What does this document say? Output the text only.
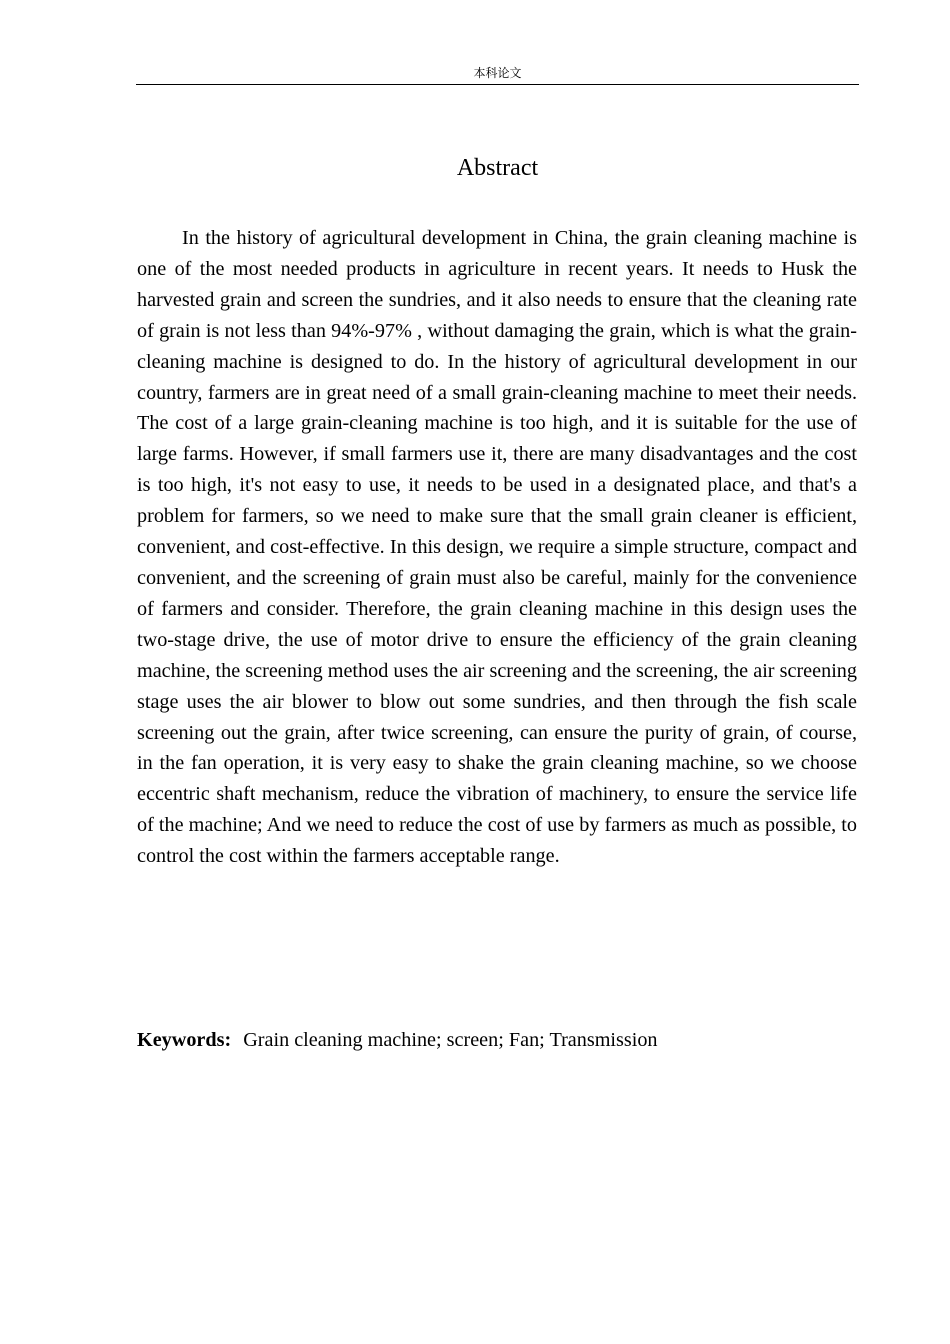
本科论文
Abstract

In the history of agricultural development in China, the grain cleaning machine is one of the most needed products in agriculture in recent years. It needs to Husk the harvested grain and screen the sundries, and it also needs to ensure that the cleaning rate of grain is not less than 94%-97% , without damaging the grain, which is what the grain-cleaning machine is designed to do. In the history of agricultural development in our country, farmers are in great need of a small grain-cleaning machine to meet their needs. The cost of a large grain-cleaning machine is too high, and it is suitable for the use of large farms. However, if small farmers use it, there are many disadvantages and the cost is too high, it's not easy to use, it needs to be used in a designated place, and that's a problem for farmers, so we need to make sure that the small grain cleaner is efficient, convenient, and cost-effective. In this design, we require a simple structure, compact and convenient, and the screening of grain must also be careful, mainly for the convenience of farmers and consider. Therefore, the grain cleaning machine in this design uses the two-stage drive, the use of motor drive to ensure the efficiency of the grain cleaning machine, the screening method uses the air screening and the screening, the air screening stage uses the air blower to blow out some sundries, and then through the fish scale screening out the grain, after twice screening, can ensure the purity of grain, of course, in the fan operation, it is very easy to shake the grain cleaning machine, so we choose eccentric shaft mechanism, reduce the vibration of machinery, to ensure the service life of the machine; And we need to reduce the cost of use by farmers as much as possible, to control the cost within the farmers acceptable range.

Keywords: Grain cleaning machine; screen; Fan; Transmission
